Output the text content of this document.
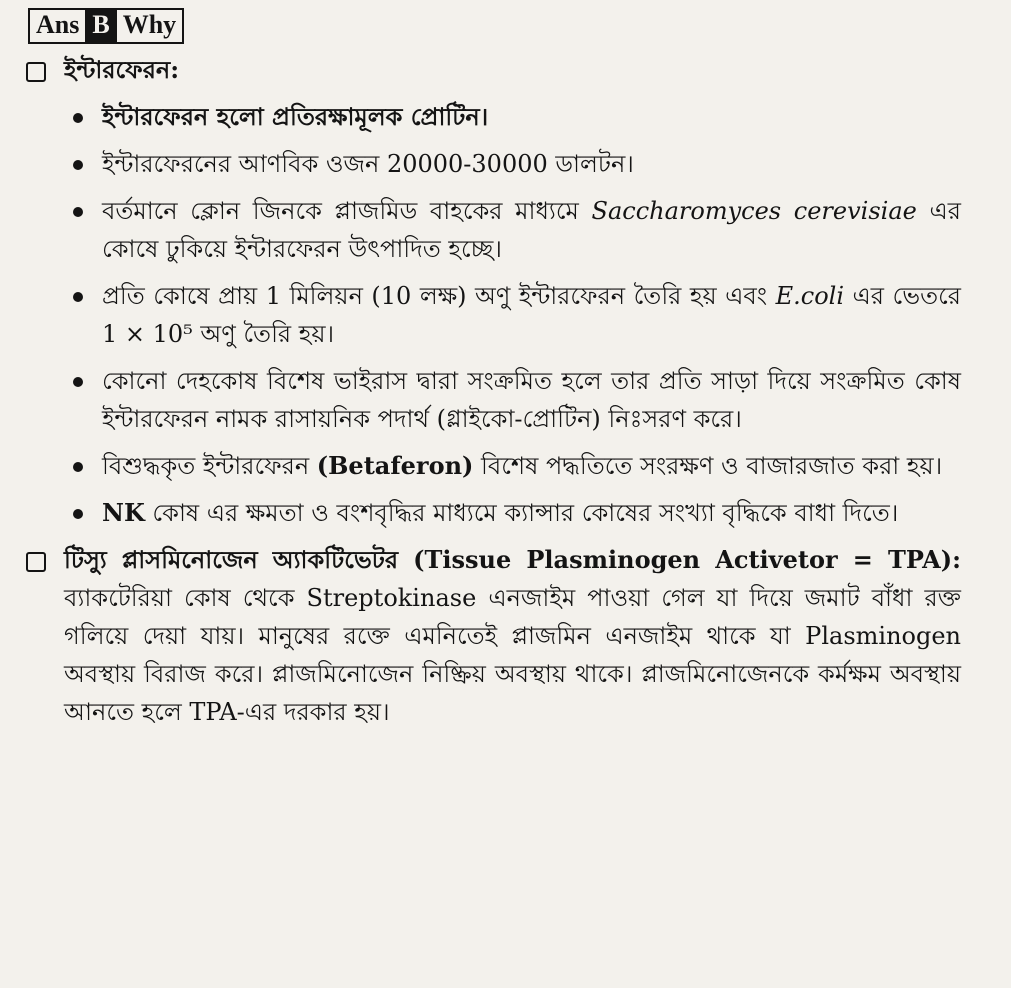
Ans B Why
ইন্টারফেরন:
ইন্টারফেরন হলো প্রতিরক্ষামূলক প্রোটিন।
ইন্টারফেরনের আণবিক ওজন 20000-30000 ডালটন।
বর্তমানে ক্লোন জিনকে প্লাজমিড বাহকের মাধ্যমে Saccharomyces cerevisiae এর কোষে ঢুকিয়ে ইন্টারফেরন উৎপাদিত হচ্ছে।
প্রতি কোষে প্রায় 1 মিলিয়ন (10 লক্ষ) অণু ইন্টারফেরন তৈরি হয় এবং E.coli এর ভেতরে 1 × 10⁵ অণু তৈরি হয়।
কোনো দেহকোষ বিশেষ ভাইরাস দ্বারা সংক্রমিত হলে তার প্রতি সাড়া দিয়ে সংক্রমিত কোষ ইন্টারফেরন নামক রাসায়নিক পদার্থ (গ্লাইকো-প্রোটিন) নিঃসরণ করে।
বিশুদ্ধকৃত ইন্টারফেরন (Betaferon) বিশেষ পদ্ধতিতে সংরক্ষণ ও বাজারজাত করা হয়।
NK কোষ এর ক্ষমতা ও বংশবৃদ্ধির মাধ্যমে ক্যান্সার কোষের সংখ্যা বৃদ্ধিকে বাধা দিতে।
টিস্যু প্লাসমিনোজেন অ্যাকটিভেটর (Tissue Plasminogen Activetor = TPA): ব্যাকটেরিয়া কোষ থেকে Streptokinase এনজাইম পাওয়া গেল যা দিয়ে জমাট বাঁধা রক্ত গলিয়ে দেয়া যায়। মানুষের রক্তে এমনিতেই প্লাজমিন এনজাইম থাকে যা Plasminogen অবস্থায় বিরাজ করে। প্লাজমিনোজেন নিষ্ক্রিয় অবস্থায় থাকে। প্লাজমিনোজেনকে কর্মক্ষম অবস্থায় আনতে হলে TPA-এর দরকার হয়।
